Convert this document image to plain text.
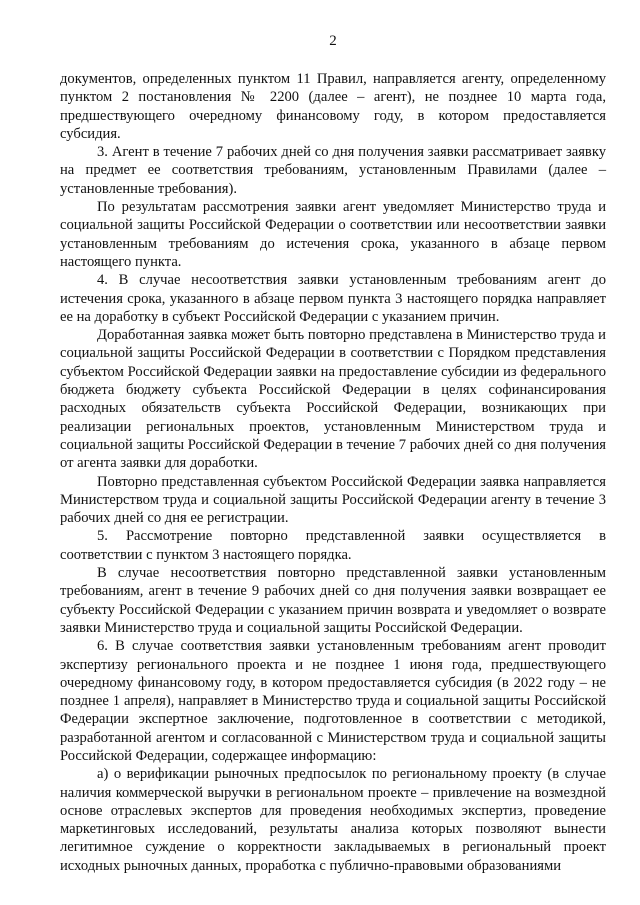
2

документов, определенных пунктом 11 Правил, направляется агенту, определенному пунктом 2 постановления № 2200 (далее – агент), не позднее 10 марта года, предшествующего очередному финансовому году, в котором предоставляется субсидия.

3. Агент в течение 7 рабочих дней со дня получения заявки рассматривает заявку на предмет ее соответствия требованиям, установленным Правилами (далее – установленные требования).

По результатам рассмотрения заявки агент уведомляет Министерство труда и социальной защиты Российской Федерации о соответствии или несоответствии заявки установленным требованиям до истечения срока, указанного в абзаце первом настоящего пункта.

4. В случае несоответствия заявки установленным требованиям агент до истечения срока, указанного в абзаце первом пункта 3 настоящего порядка направляет ее на доработку в субъект Российской Федерации с указанием причин.

Доработанная заявка может быть повторно представлена в Министерство труда и социальной защиты Российской Федерации в соответствии с Порядком представления субъектом Российской Федерации заявки на предоставление субсидии из федерального бюджета бюджету субъекта Российской Федерации в целях софинансирования расходных обязательств субъекта Российской Федерации, возникающих при реализации региональных проектов, установленным Министерством труда и социальной защиты Российской Федерации в течение 7 рабочих дней со дня получения от агента заявки для доработки.

Повторно представленная субъектом Российской Федерации заявка направляется Министерством труда и социальной защиты Российской Федерации агенту в течение 3 рабочих дней со дня ее регистрации.

5. Рассмотрение повторно представленной заявки осуществляется в соответствии с пунктом 3 настоящего порядка.

В случае несоответствия повторно представленной заявки установленным требованиям, агент в течение 9 рабочих дней со дня получения заявки возвращает ее субъекту Российской Федерации с указанием причин возврата и уведомляет о возврате заявки Министерство труда и социальной защиты Российской Федерации.

6. В случае соответствия заявки установленным требованиям агент проводит экспертизу регионального проекта и не позднее 1 июня года, предшествующего очередному финансовому году, в котором предоставляется субсидия (в 2022 году – не позднее 1 апреля), направляет в Министерство труда и социальной защиты Российской Федерации экспертное заключение, подготовленное в соответствии с методикой, разработанной агентом и согласованной с Министерством труда и социальной защиты Российской Федерации, содержащее информацию:

а) о верификации рыночных предпосылок по региональному проекту (в случае наличия коммерческой выручки в региональном проекте – привлечение на возмездной основе отраслевых экспертов для проведения необходимых экспертиз, проведение маркетинговых исследований, результаты анализа которых позволяют вынести легитимное суждение о корректности закладываемых в региональный проект исходных рыночных данных, проработка с публично-правовыми образованиями
